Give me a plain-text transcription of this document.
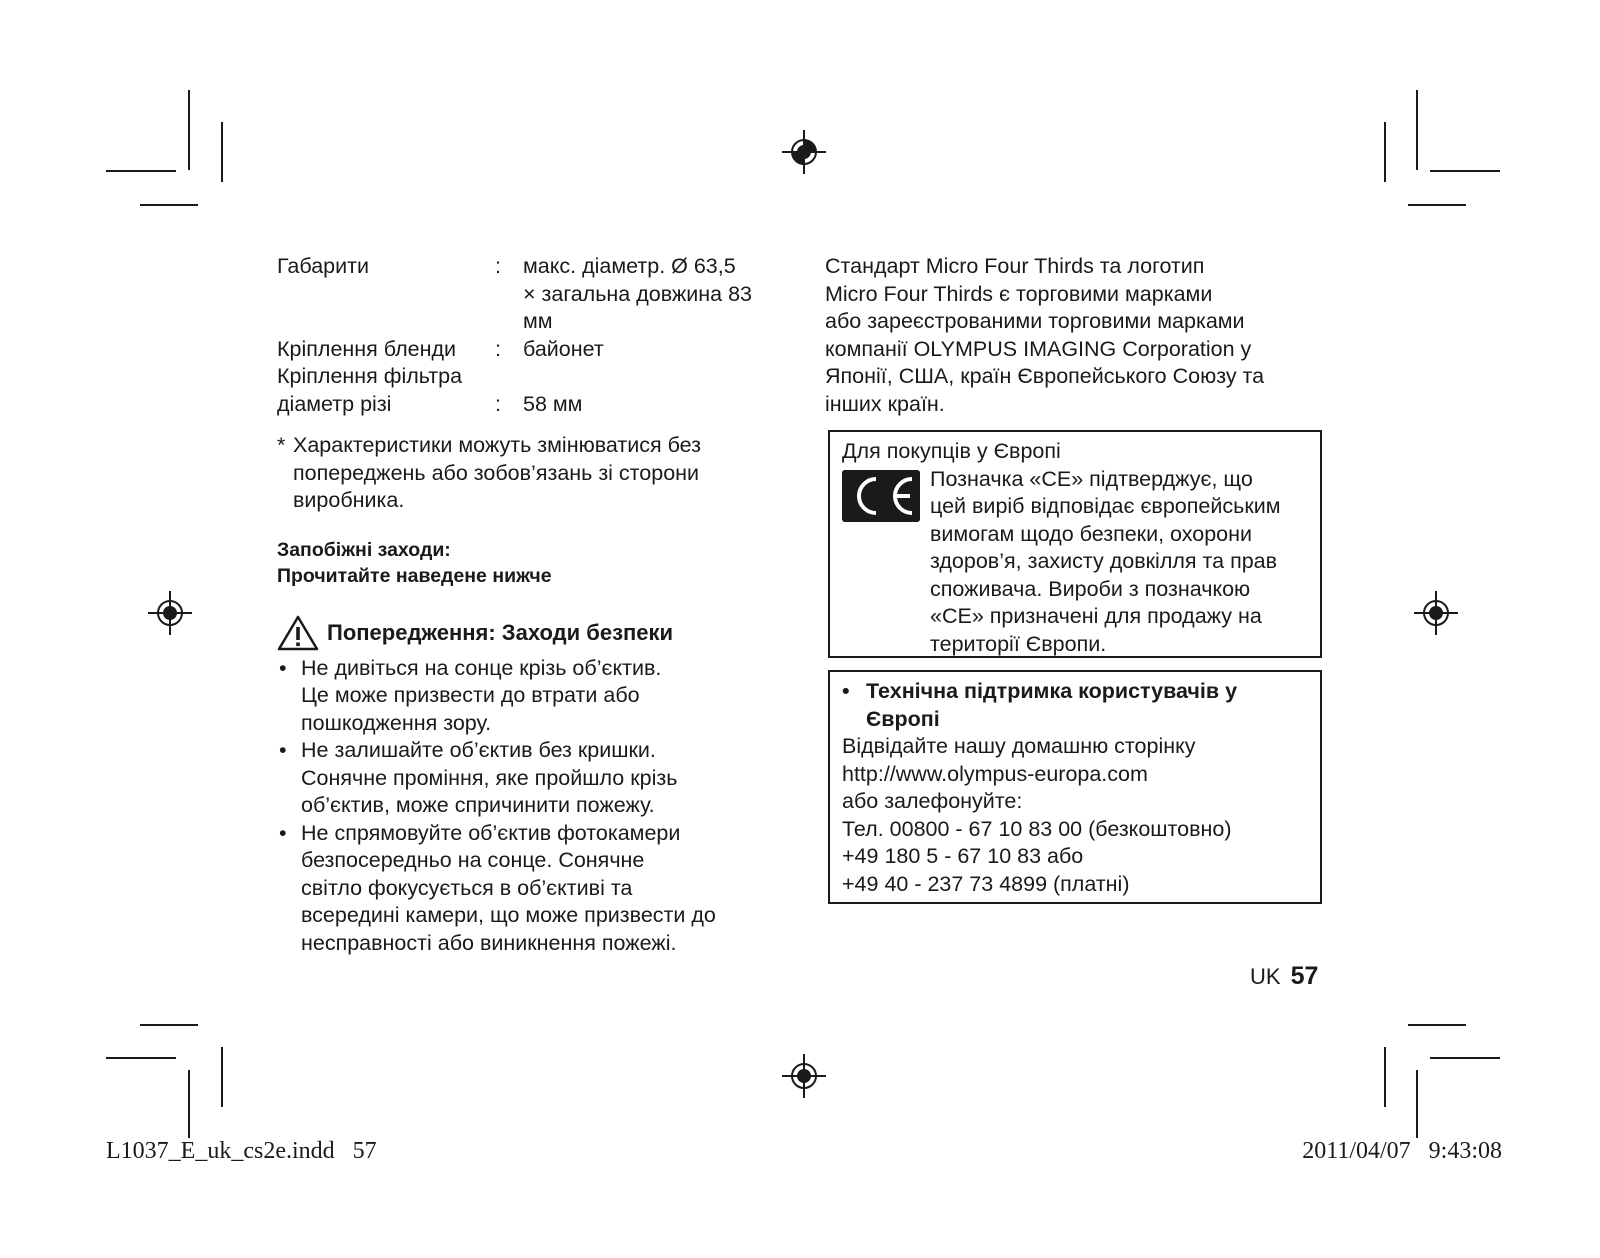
Габарити	:	макс. діаметр. Ø 63,5
× загальна довжина 83
мм
Кріплення бленди	:	байонет
Кріплення фільтра
діаметр різі	:	58 мм
* Характеристики можуть змінюватися без
попереджень або зобов’язань зі сторони
виробника.
Запобіжні заходи:
Прочитайте наведене нижче
Попередження: Заходи безпеки
• Не дивіться на сонце крізь об’єктив.
Це може призвести до втрати або
пошкодження зору.
• Не залишайте об’єктив без кришки.
Сонячне проміння, яке пройшло крізь
об’єктив, може спричинити пожежу.
• Не спрямовуйте об’єктив фотокамери
безпосередньо на сонце. Сонячне
світло фокусується в об’єктиві та
всередині камери, що може призвести до
несправності або виникнення пожежі.
Стандарт Micro Four Thirds та логотип
Micro Four Thirds є торговими марками
або зареєстрованими торговими марками
компанії OLYMPUS IMAGING Corporation у
Японії, США, країн Європейського Союзу та
інших країн.
Для покупців у Європі
Позначка «CE» підтверджує, що
цей виріб відповідає європейським
вимогам щодо безпеки, охорони
здоров’я, захисту довкілля та прав
споживача. Вироби з позначкою
«CE» призначені для продажу на
території Європи.
• Технічна підтримка користувачів у
Європі
Відвідайте нашу домашню сторінку
http://www.olympus-europa.com
або залефонуйте:
Тел. 00800 - 67 10 83 00 (безкоштовно)
+49 180 5 - 67 10 83 або
+49 40 - 237 73 4899 (платні)
UK 57
L1037_E_uk_cs2e.indd   57	2011/04/07   9:43:08
